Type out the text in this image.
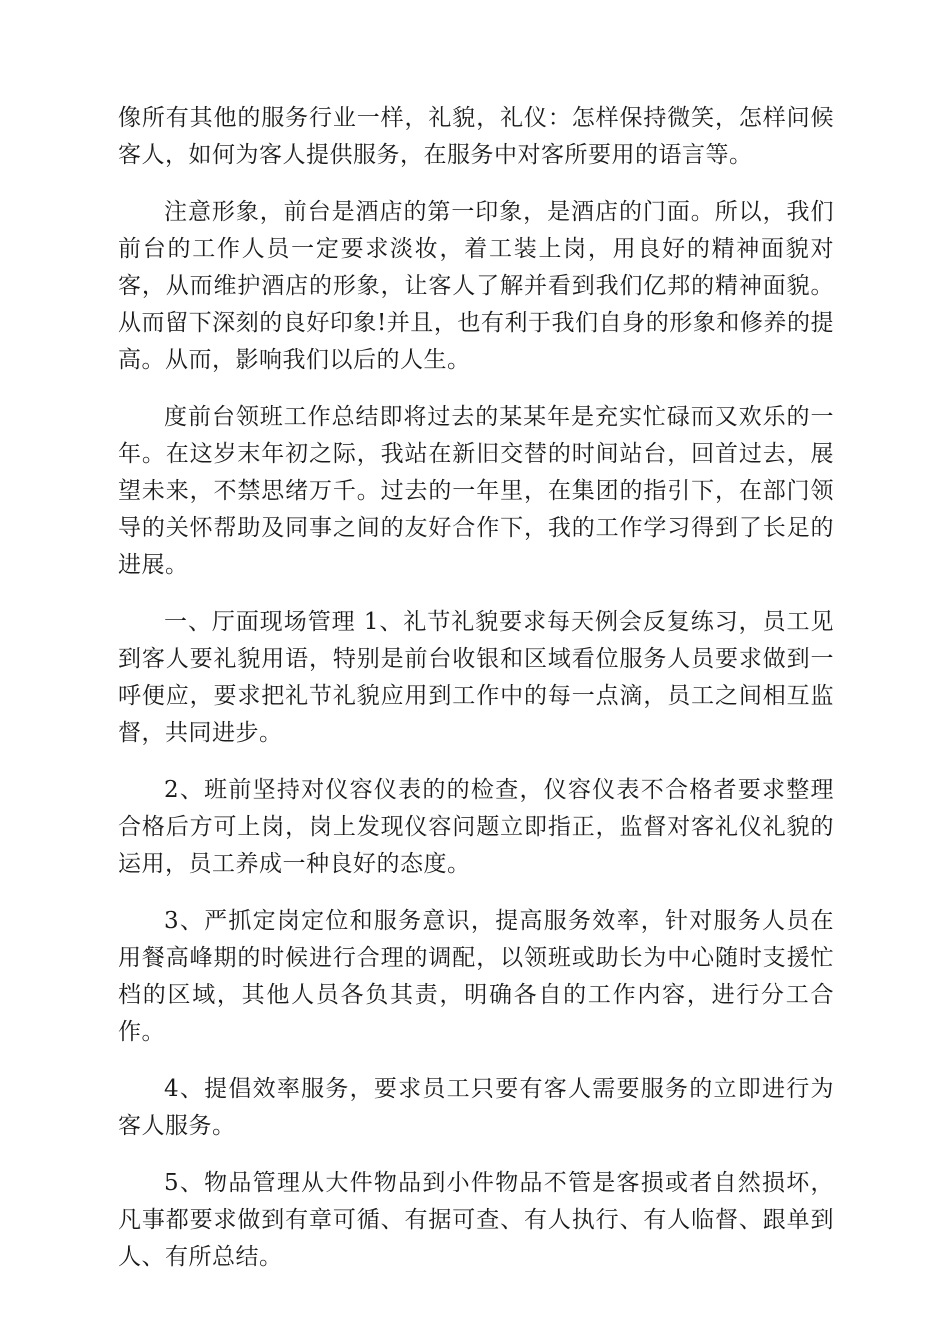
像所有其他的服务行业一样，礼貌，礼仪：怎样保持微笑，怎样问候客人，如何为客人提供服务，在服务中对客所要用的语言等。

注意形象，前台是酒店的第一印象，是酒店的门面。所以，我们前台的工作人员一定要求淡妆，着工装上岗，用良好的精神面貌对客，从而维护酒店的形象，让客人了解并看到我们亿邦的精神面貌。从而留下深刻的良好印象!并且，也有利于我们自身的形象和修养的提高。从而，影响我们以后的人生。

度前台领班工作总结即将过去的某某年是充实忙碌而又欢乐的一年。在这岁末年初之际，我站在新旧交替的时间站台，回首过去，展望未来，不禁思绪万千。过去的一年里，在集团的指引下，在部门领导的关怀帮助及同事之间的友好合作下，我的工作学习得到了长足的进展。

一、厅面现场管理 1、礼节礼貌要求每天例会反复练习，员工见到客人要礼貌用语，特别是前台收银和区域看位服务人员要求做到一呼便应，要求把礼节礼貌应用到工作中的每一点滴，员工之间相互监督，共同进步。

2、班前坚持对仪容仪表的的检查，仪容仪表不合格者要求整理合格后方可上岗，岗上发现仪容问题立即指正，监督对客礼仪礼貌的运用，员工养成一种良好的态度。

3、严抓定岗定位和服务意识，提高服务效率，针对服务人员在用餐高峰期的时候进行合理的调配，以领班或助长为中心随时支援忙档的区域，其他人员各负其责，明确各自的工作内容，进行分工合作。

4、提倡效率服务，要求员工只要有客人需要服务的立即进行为客人服务。

5、物品管理从大件物品到小件物品不管是客损或者自然损坏，凡事都要求做到有章可循、有据可查、有人执行、有人临督、跟单到人、有所总结。
